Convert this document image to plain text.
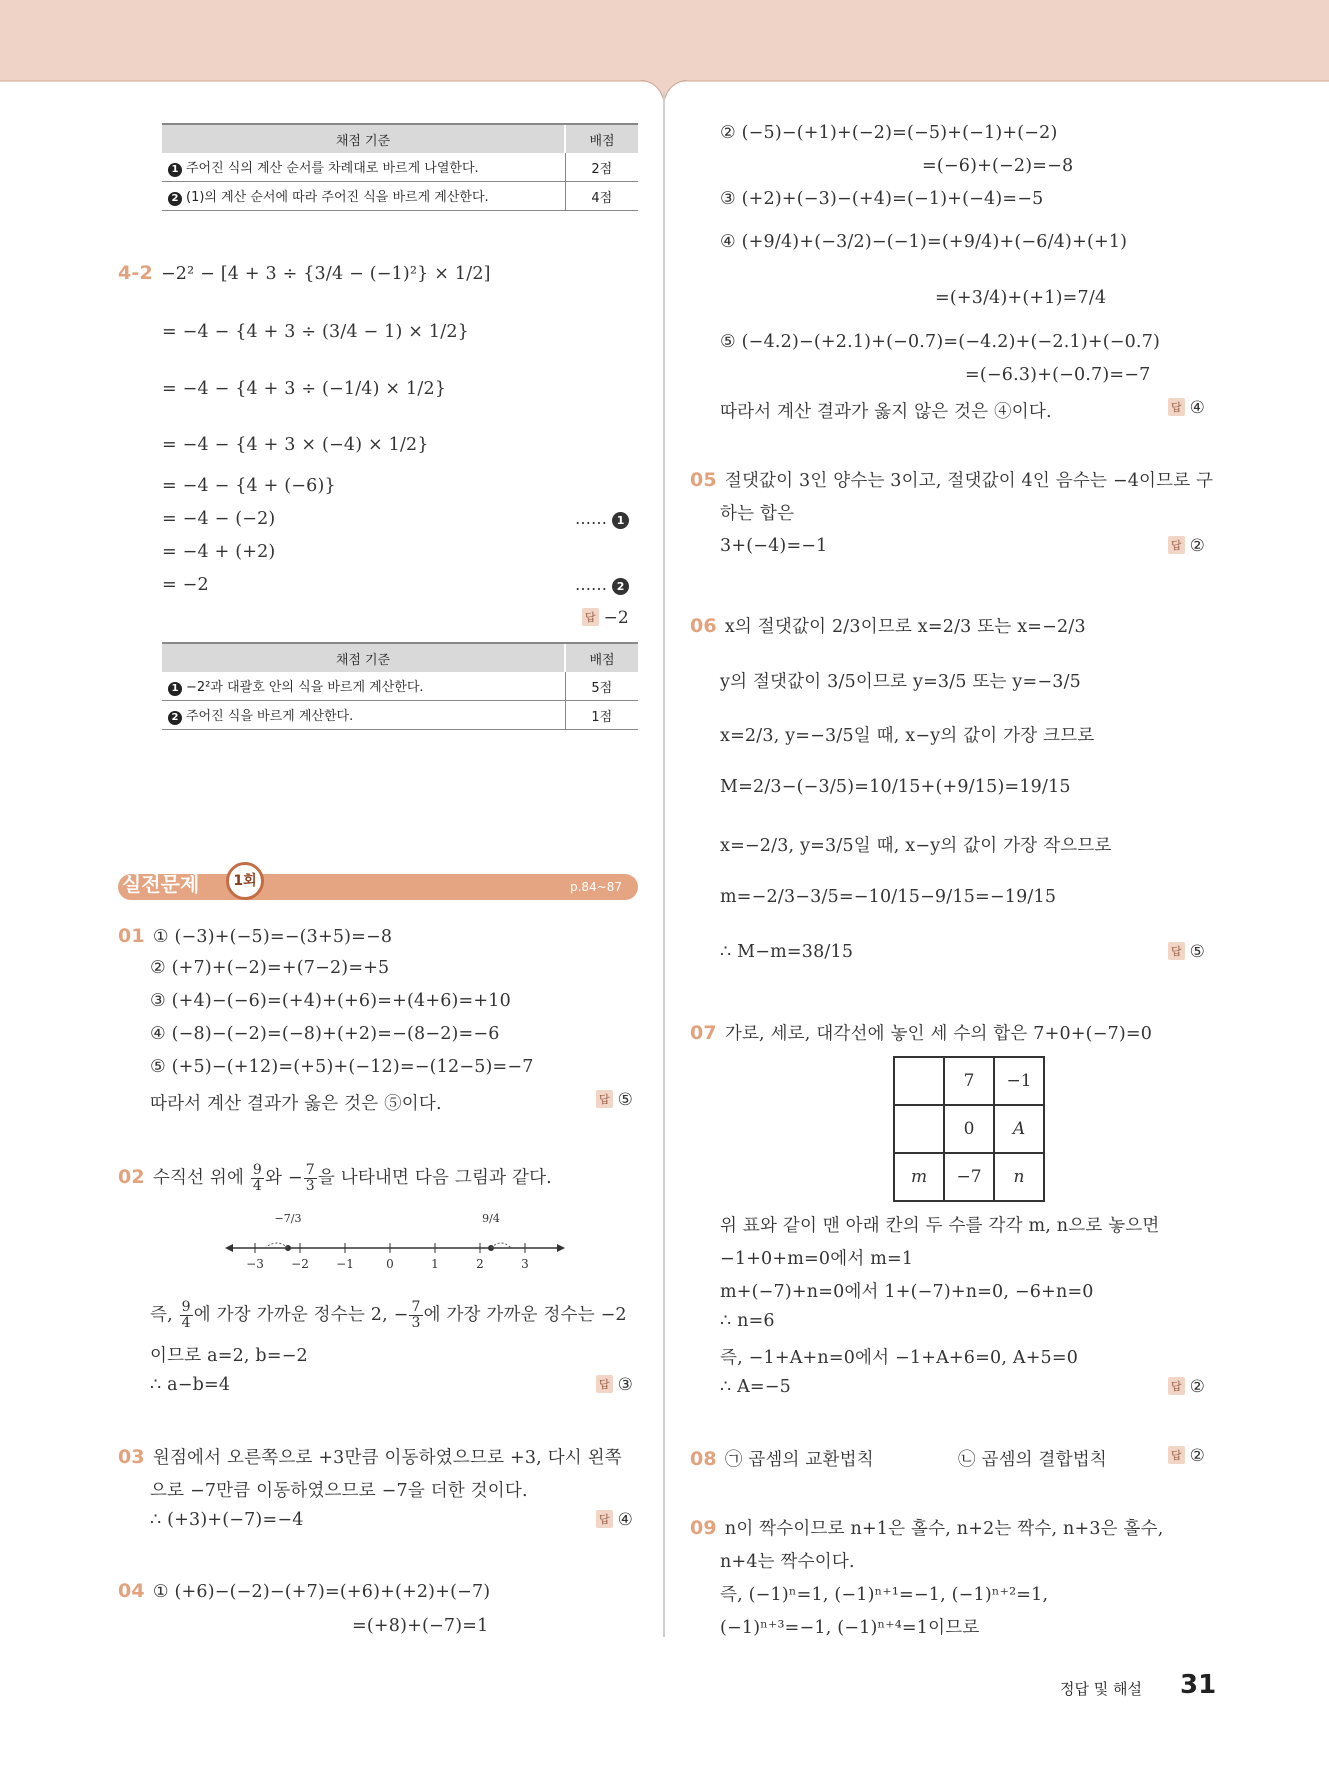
채점 기준	배점
1 주어진 식의 계산 순서를 차례대로 바르게 나열한다.	2점
2 (1)의 계산 순서에 따라 주어진 식을 바르게 계산한다.	4점
4-2 −2² − [4 + 3 ÷ {3/4 − (−1)²} × 1/2]
= −4 − {4 + 3 ÷ (3/4 − 1) × 1/2}
= −4 − {4 + 3 ÷ (−1/4) × 1/2}
= −4 − {4 + 3 × (−4) × 1/2}
= −4 − {4 + (−6)}
= −4 − (−2)
= −4 + (+2)
= −2
…… 1
…… 2
답 −2
채점 기준	배점
1 −2²과 대괄호 안의 식을 바르게 계산한다.	5점
2 주어진 식을 바르게 계산한다.	1점
실전문제	1회	p.84~87
01 ① (−3)+(−5)=−(3+5)=−8
② (+7)+(−2)=+(7−2)=+5
③ (+4)−(−6)=(+4)+(+6)=+(4+6)=+10
④ (−8)−(−2)=(−8)+(+2)=−(8−2)=−6
⑤ (+5)−(+12)=(+5)+(−12)=−(12−5)=−7
따라서 계산 결과가 옳은 것은 ⑤이다.	답 ⑤
02 수직선 위에 $\frac{9}{4}$ 와 − $\frac{7}{3}$ 을 나타내면 다음 그림과 같다.
−3 −2 −1	0	1	2	3
−7/3	9/4
즉, $\frac{9}{4}$ 에 가장 가까운 정수는 2, − $\frac{7}{3}$ 에 가장 가까운 정수는 −2
이므로 a=2, b=−2
∴ a−b=4	답 ③
03 원점에서 오른쪽으로 +3만큼 이동하였으므로 +3, 다시 왼쪽
으로 −7만큼 이동하였으므로 −7을 더한 것이다.
∴ (+3)+(−7)=−4	답 ④
04 ① (+6)−(−2)−(+7)=(+6)+(+2)+(−7)
=(+8)+(−7)=1
② (−5)−(+1)+(−2)=(−5)+(−1)+(−2)
=(−6)+(−2)=−8
③ (+2)+(−3)−(+4)=(−1)+(−4)=−5
④ (+9/4)+(−3/2)−(−1)=(+9/4)+(−6/4)+(+1)
=(+3/4)+(+1)=7/4
⑤ (−4.2)−(+2.1)+(−0.7)=(−4.2)+(−2.1)+(−0.7)
=(−6.3)+(−0.7)=−7
따라서 계산 결과가 옳지 않은 것은 ④이다.	답 ④
05 절댓값이 3인 양수는 3이고, 절댓값이 4인 음수는 −4이므로 구
하는 합은
3+(−4)=−1	답 ②
06 x의 절댓값이 2/3이므로 x=2/3 또는 x=−2/3
y의 절댓값이 3/5이므로 y=3/5 또는 y=−3/5
x=2/3, y=−3/5일 때, x−y의 값이 가장 크므로
M=2/3−(−3/5)=10/15+(+9/15)=19/15
x=−2/3, y=3/5일 때, x−y의 값이 가장 작으므로
m=−2/3−3/5=−10/15−9/15=−19/15
∴ M−m=38/15	답 ⑤
07 가로, 세로, 대각선에 놓인 세 수의 합은 7+0+(−7)=0
	7	−1
	0	A
m	−7	n
위 표와 같이 맨 아래 칸의 두 수를 각각 m, n으로 놓으면
−1+0+m=0에서 m=1
m+(−7)+n=0에서 1+(−7)+n=0, −6+n=0
∴ n=6
즉, −1+A+n=0에서 −1+A+6=0, A+5=0
∴ A=−5	답 ②
08 ㉠ 곱셈의 교환법칙	㉡ 곱셈의 결합법칙	답 ②
09 n이 짝수이므로 n+1은 홀수, n+2는 짝수, n+3은 홀수,
n+4는 짝수이다.
즉, (−1)ⁿ=1, (−1)ⁿ⁺¹=−1, (−1)ⁿ⁺²=1,
(−1)ⁿ⁺³=−1, (−1)ⁿ⁺⁴=1이므로
정답 및 해설 31
